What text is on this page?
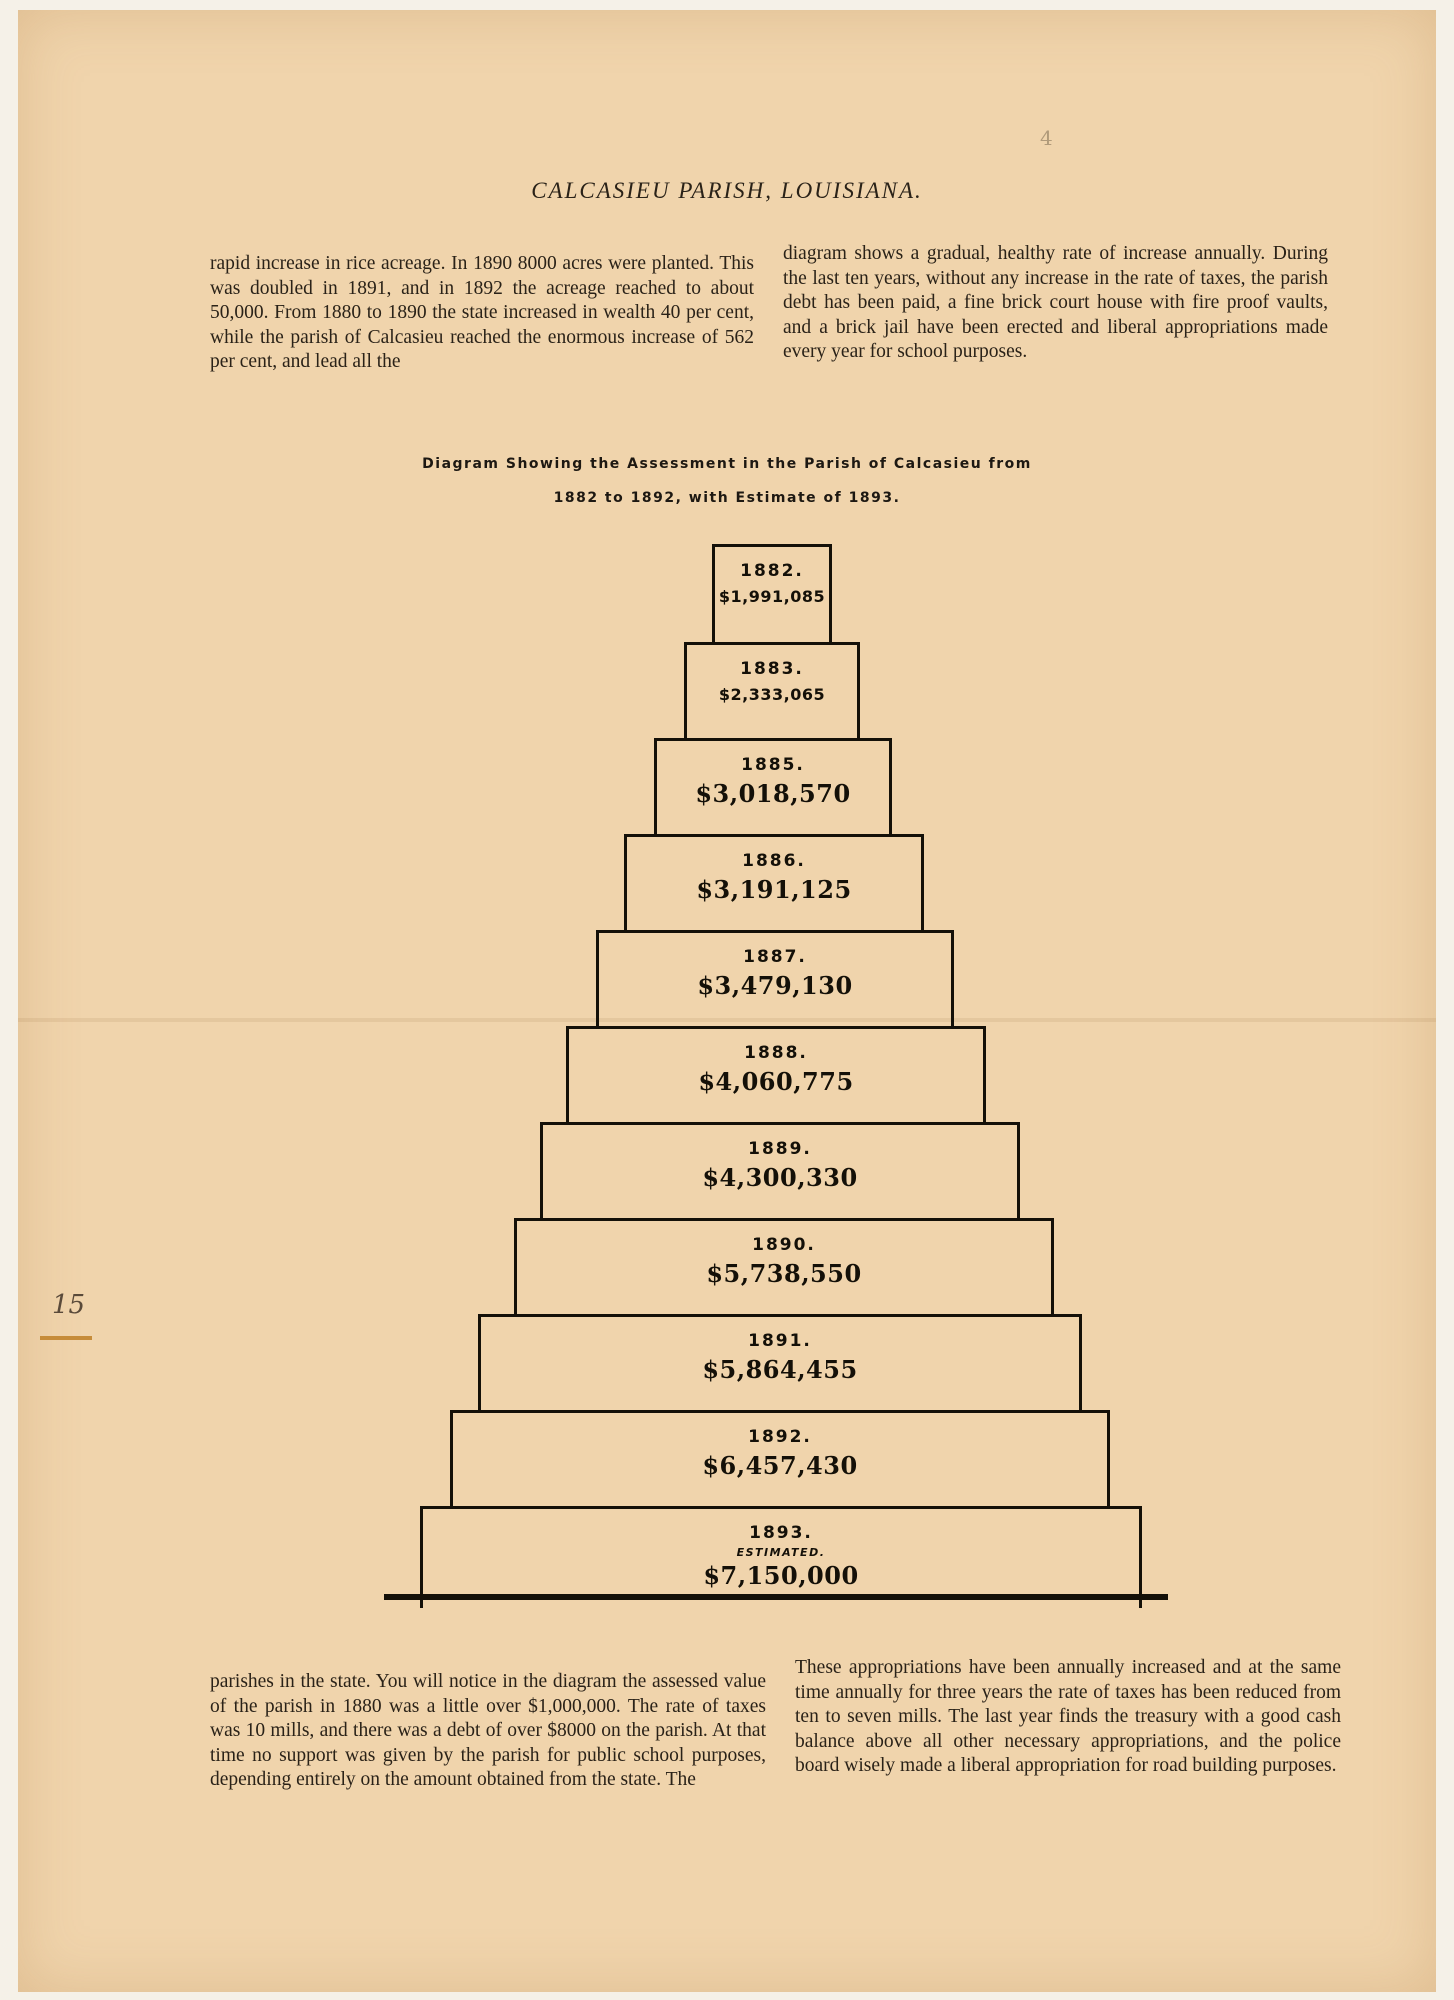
4
CALCASIEU PARISH, LOUISIANA.

rapid increase in rice acreage. In 1890 8000 acres were planted. This was doubled in 1891, and in 1892 the acreage reached to about 50,000. From 1880 to 1890 the state increased in wealth 40 per cent, while the parish of Calcasieu reached the enormous increase of 562 per cent, and lead all the

diagram shows a gradual, healthy rate of increase annually. During the last ten years, without any increase in the rate of taxes, the parish debt has been paid, a fine brick court house with fire proof vaults, and a brick jail have been erected and liberal appropriations made every year for school purposes.

Diagram Showing the Assessment in the Parish of Calcasieu from
1882 to 1892, with Estimate of 1893.
1882.
$1,991,085
1883.
$2,333,065
1885.
$3,018,570
1886.
$3,191,125
1887.
$3,479,130
1888.
$4,060,775
1889.
$4,300,330
1890.
$5,738,550
1891.
$5,864,455
1892.
$6,457,430
1893.
ESTIMATED.
$7,150,000

parishes in the state. You will notice in the diagram the assessed value of the parish in 1880 was a little over $1,000,000. The rate of taxes was 10 mills, and there was a debt of over $8000 on the parish. At that time no support was given by the parish for public school purposes, depending entirely on the amount obtained from the state. The

These appropriations have been annually increased and at the same time annually for three years the rate of taxes has been reduced from ten to seven mills. The last year finds the treasury with a good cash balance above all other necessary appropriations, and the police board wisely made a liberal appropriation for road building purposes.

15
